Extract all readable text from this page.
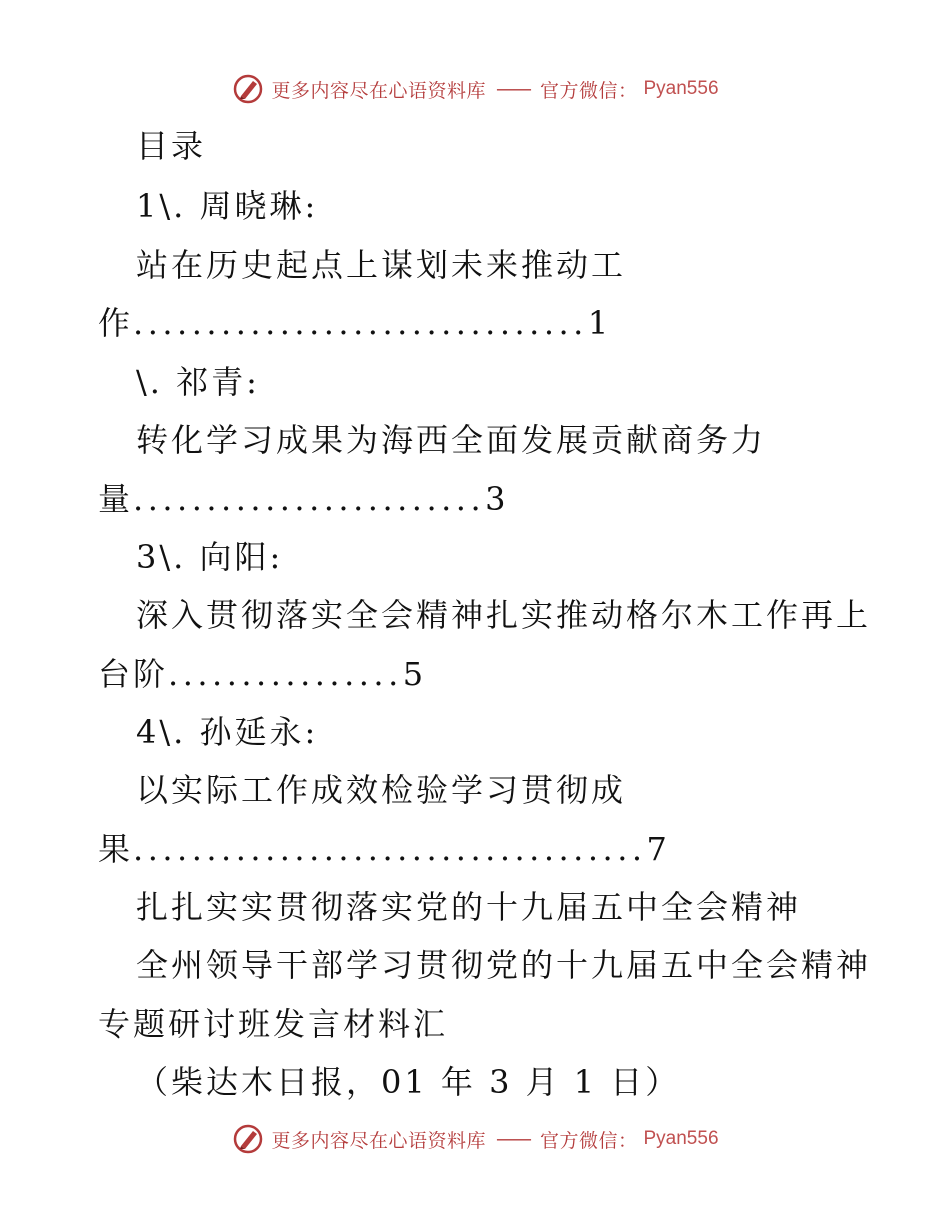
更多内容尽在心语资料库 —— 官方微信： Pyan556
目录
1\. 周晓琳:
站在历史起点上谋划未来推动工
作...............................1
\. 祁青:
转化学习成果为海西全面发展贡献商务力
量........................3
3\. 向阳:
深入贯彻落实全会精神扎实推动格尔木工作再上
台阶................5
4\. 孙延永:
以实际工作成效检验学习贯彻成
果...................................7
扎扎实实贯彻落实党的十九届五中全会精神
全州领导干部学习贯彻党的十九届五中全会精神
专题研讨班发言材料汇
（柴达木日报，01 年 3 月 1 日）
更多内容尽在心语资料库 —— 官方微信： Pyan556
